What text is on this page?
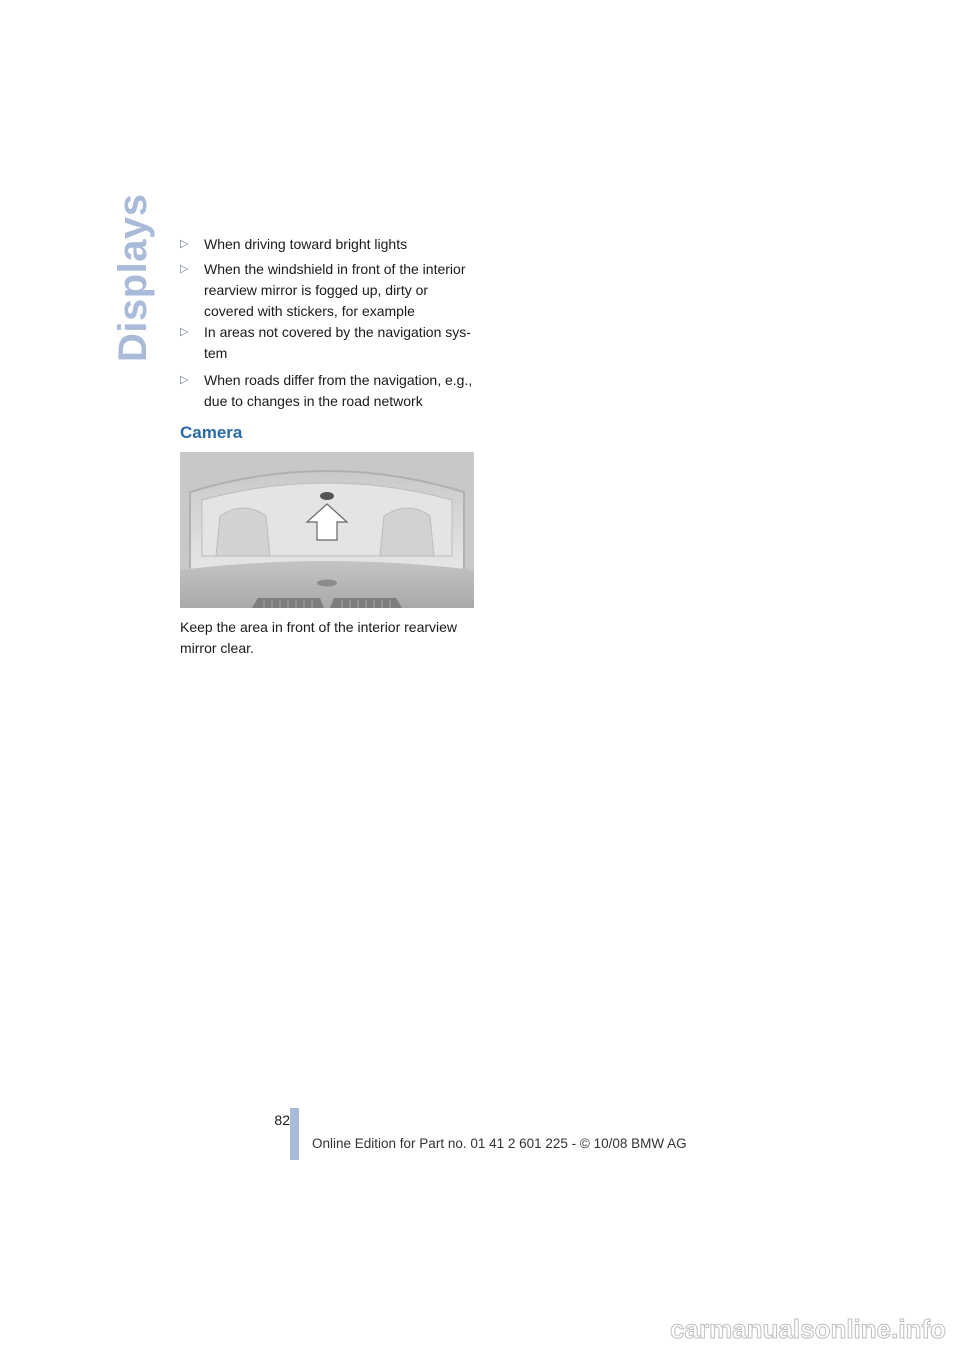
Displays ▷ When driving toward bright lights
▷ When the windshield in front of the interior rearview mirror is fogged up, dirty or covered with stickers, for example
▷ In areas not covered by the navigation sys-tem
▷ When roads differ from the navigation, e.g., due to changes in the road network
Camera

Keep the area in front of the interior rearview mirror clear.

82
Online Edition for Part no. 01 41 2 601 225 - © 10/08 BMW AG
carmanualsonline.info
